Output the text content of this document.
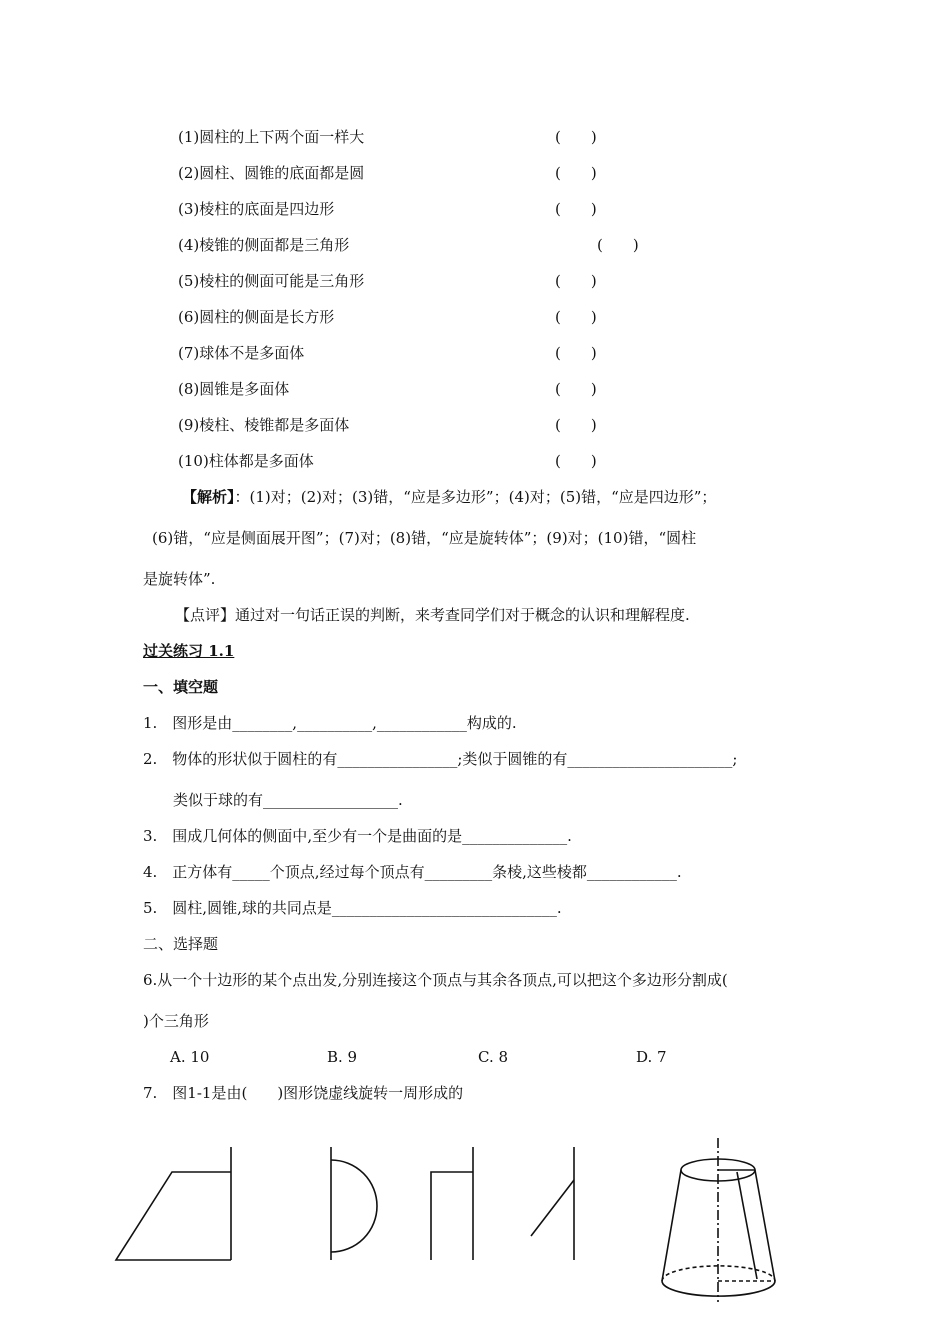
(1)圆柱的上下两个面一样大	(　　)
(2)圆柱、圆锥的底面都是圆	(　　)
(3)棱柱的底面是四边形	(　　)
(4)棱锥的侧面都是三角形	(　　)
(5)棱柱的侧面可能是三角形	(　　)
(6)圆柱的侧面是长方形	(　　)
(7)球体不是多面体	(　　)
(8)圆锥是多面体	(　　)
(9)棱柱、棱锥都是多面体	(　　)
(10)柱体都是多面体	(　　)
【解析】：(1)对；(2)对；(3)错，“应是多边形”；(4)对；(5)错，“应是四边形”；
(6)错，“应是侧面展开图”；(7)对；(8)错，“应是旋转体”；(9)对；(10)错，“圆柱
是旋转体”.
【点评】通过对一句话正误的判断，来考查同学们对于概念的认识和理解程度.
过关练习 1.1
一、填空题
1.　图形是由________,__________,____________构成的.
2.　物体的形状似于圆柱的有________________;类似于圆锥的有______________________;
类似于球的有__________________.
3.　围成几何体的侧面中,至少有一个是曲面的是______________.
4.　正方体有_____个顶点,经过每个顶点有_________条棱,这些棱都____________.
5.　圆柱,圆锥,球的共同点是______________________________.
二、选择题
6.从一个十边形的某个点出发,分别连接这个顶点与其余各顶点,可以把这个多边形分割成(
)个三角形
A. 10	B. 9	C. 8	D. 7
7.　图1-1是由(　　)图形饶虚线旋转一周形成的
